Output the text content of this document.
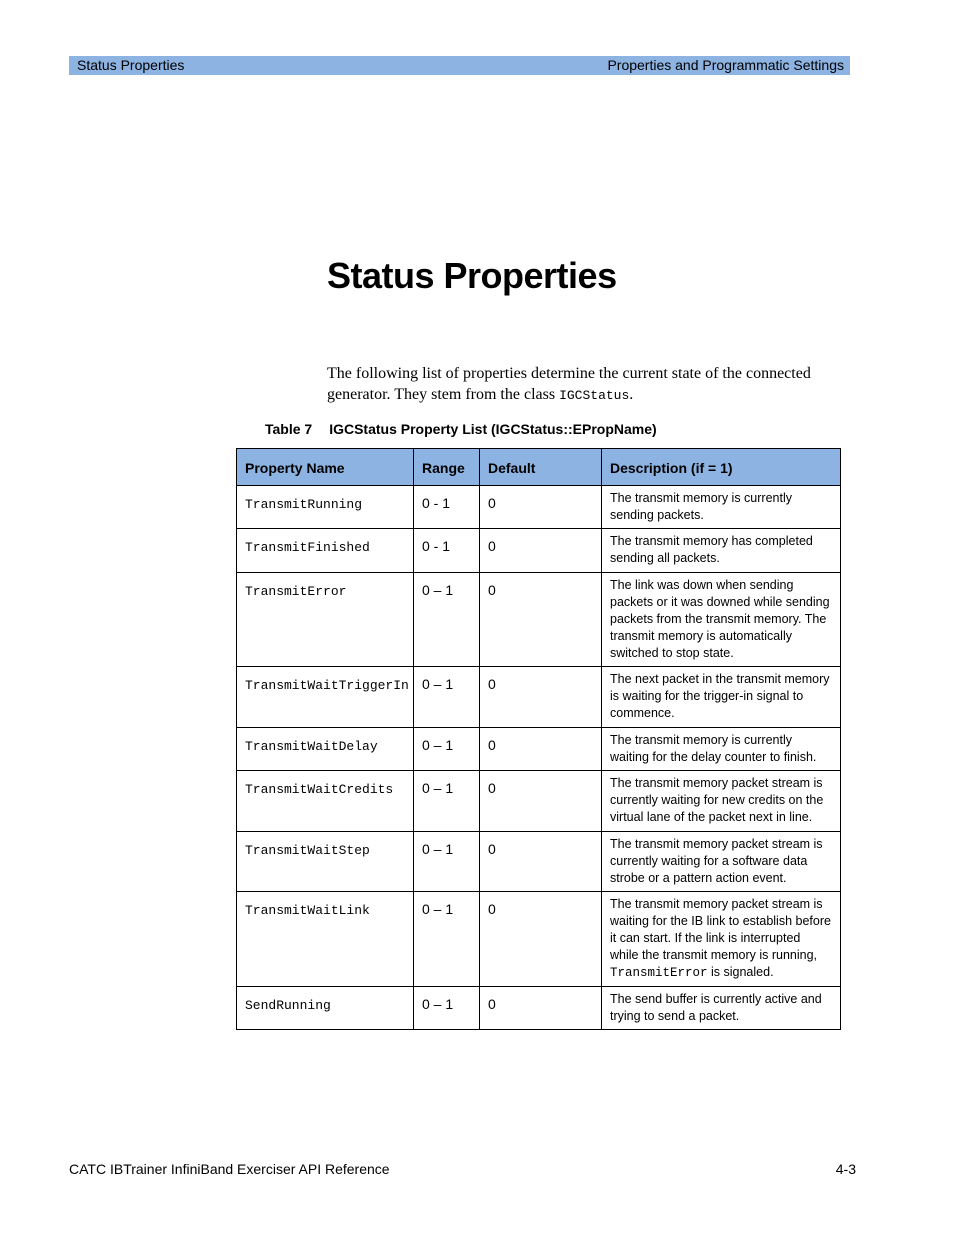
Status Properties	Properties and Programmatic Settings
Status Properties

The following list of properties determine the current state of the connected generator. They stem from the class IGCStatus.

Table 7 IGCStatus Property List (IGCStatus::EPropName)
Property Name	Range	Default	Description (if = 1)
TransmitRunning	0 - 1	0	The transmit memory is currently sending packets.
TransmitFinished	0 - 1	0	The transmit memory has completed sending all packets.
TransmitError	0 – 1	0	The link was down when sending packets or it was downed while sending packets from the transmit memory. The transmit memory is automatically switched to stop state.
TransmitWaitTriggerIn	0 – 1	0	The next packet in the transmit memory is waiting for the trigger-in signal to commence.
TransmitWaitDelay	0 – 1	0	The transmit memory is currently waiting for the delay counter to finish.
TransmitWaitCredits	0 – 1	0	The transmit memory packet stream is currently waiting for new credits on the virtual lane of the packet next in line.
TransmitWaitStep	0 – 1	0	The transmit memory packet stream is currently waiting for a software data strobe or a pattern action event.
TransmitWaitLink	0 – 1	0	The transmit memory packet stream is waiting for the IB link to establish before it can start. If the link is interrupted while the transmit memory is running, TransmitError is signaled.
SendRunning	0 – 1	0	The send buffer is currently active and trying to send a packet.
CATC IBTrainer InfiniBand Exerciser API Reference	4-3
